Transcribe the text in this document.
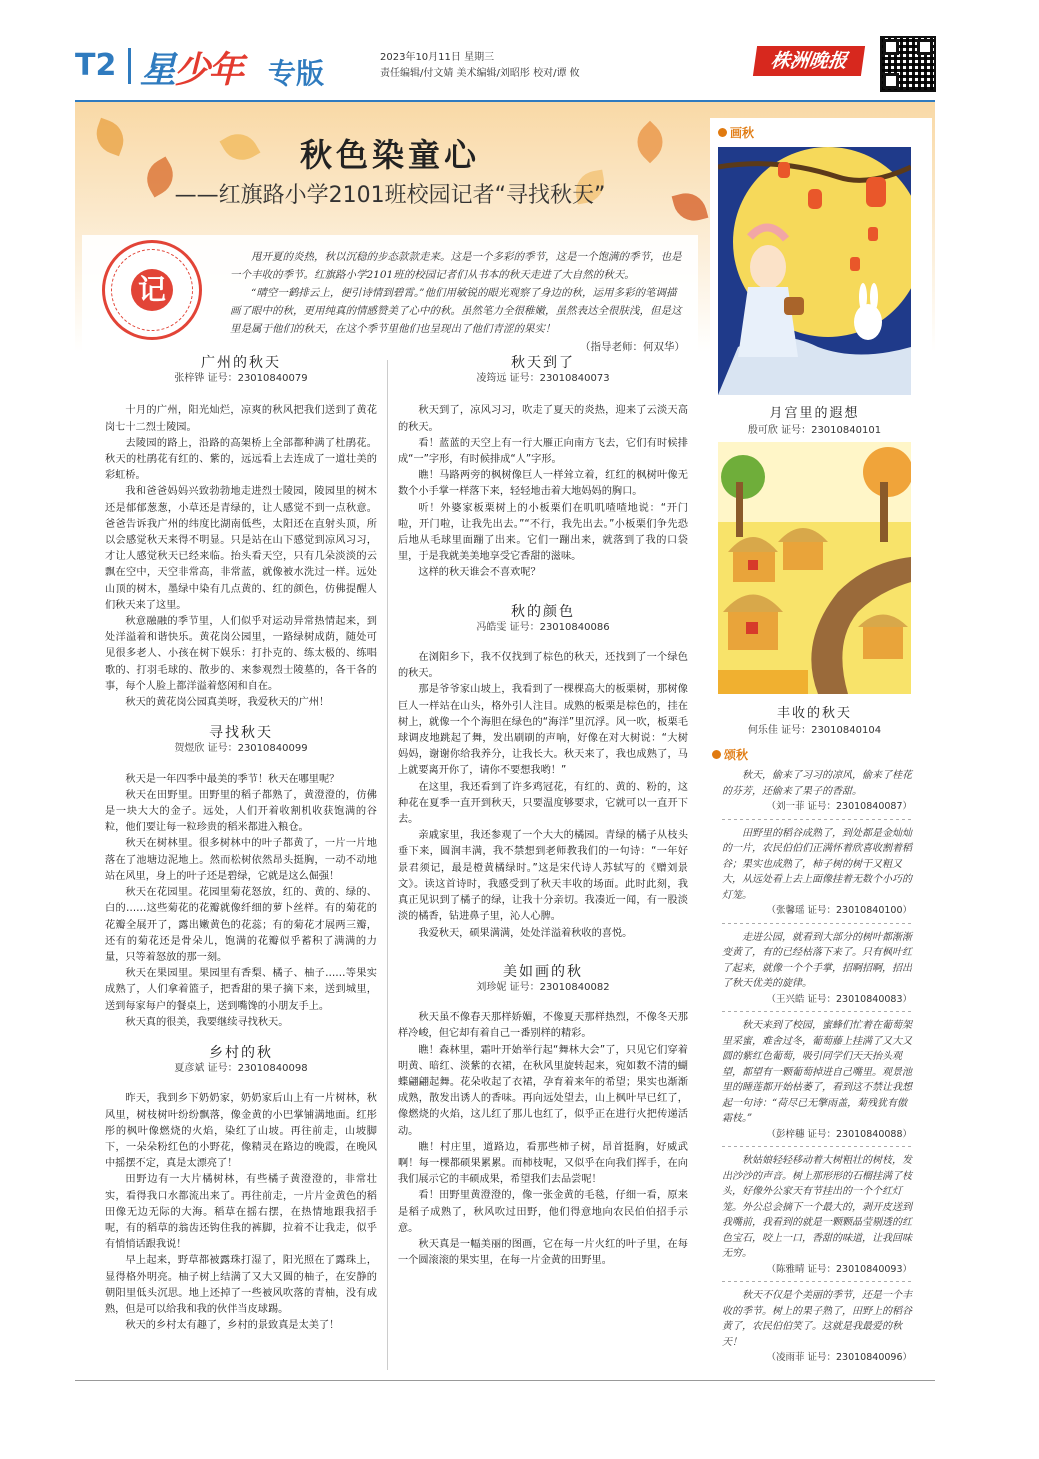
T2 星少年 专版	2023年10月11日 星期三
责任编辑/付文婧 美术编辑/刘昭彤 校对/谭 攸
株洲晚报
秋色染童心
——红旗路小学2101班校园记者“寻找秋天”
记

甩开夏的炎热，秋以沉稳的步态款款走来。这是一个多彩的季节，这是一个饱满的季节，也是一个丰收的季节。红旗路小学2101班的校园记者们从书本的秋天走进了大自然的秋天。

“晴空一鹤排云上，便引诗情到碧霄。”他们用敏锐的眼光观察了身边的秋，运用多彩的笔调描画了眼中的秋，更用纯真的情感赞美了心中的秋。虽然笔力全很稚嫩，虽然表达全很肤浅，但是这里是属于他们的秋天，在这个季节里他们也呈现出了他们青涩的果实！

（指导老师：何双华）
广州的秋天
张梓铧 证号：23010840079

十月的广州，阳光灿烂，凉爽的秋风把我们送到了黄花岗七十二烈士陵园。

去陵园的路上，沿路的高架桥上全部都种满了杜鹃花。秋天的杜鹃花有红的、紫的，远远看上去连成了一道壮美的彩虹桥。

我和爸爸妈妈兴致勃勃地走进烈士陵园，陵园里的树木还是郁郁葱葱，小草还是青绿的，让人感觉不到一点秋意。爸爸告诉我广州的纬度比湖南低些，太阳还在直射头顶，所以会感觉秋天来得不明显。只是站在山下感觉到凉风习习，才让人感觉秋天已经来临。抬头看天空，只有几朵淡淡的云飘在空中，天空非常高，非常蓝，就像被水洗过一样。远处山顶的树木，墨绿中染有几点黄的、红的颜色，仿佛提醒人们秋天来了这里。

秋意融融的季节里，人们似乎对运动异常热情起来，到处洋溢着和谐快乐。黄花岗公园里，一路绿树成荫，随处可见很多老人、小孩在树下娱乐：打扑克的、练太极的、练唱歌的、打羽毛球的、散步的、来参观烈士陵墓的，各干各的事，每个人脸上都洋溢着悠闲和自在。

秋天的黄花岗公园真美呀，我爱秋天的广州！

寻找秋天
贺煜欣 证号：23010840099

秋天是一年四季中最美的季节！秋天在哪里呢？

秋天在田野里。田野里的稻子都熟了，黄澄澄的，仿佛是一块大大的金子。远处，人们开着收割机收获饱满的谷粒，他们要让每一粒珍贵的稻米都进入粮仓。

秋天在树林里。很多树林中的叶子都黄了，一片一片地落在了池塘边泥地上。然而松树依然昂头挺胸，一动不动地站在风里，身上的叶子还是碧绿，它就是这么倔强！

秋天在花园里。花园里菊花怒放，红的、黄的、绿的、白的……这些菊花的花瓣就像纤细的萝卜丝样。有的菊花的花瓣全展开了，露出嫩黄色的花蕊；有的菊花才展两三瓣，还有的菊花还是骨朵儿，饱满的花瓣似乎蓄积了满满的力量，只等着怒放的那一刻。

秋天在果园里。果园里有香梨、橘子、柚子……等果实成熟了，人们拿着篮子，把香甜的果子摘下来，送到城里，送到每家每户的餐桌上，送到嘴馋的小朋友手上。

秋天真的很美，我要继续寻找秋天。

乡村的秋
夏彦斌 证号：23010840098

昨天，我到乡下奶奶家，奶奶家后山上有一片树林，秋风里，树枝树叶纷纷飘落，像金黄的小巴掌铺满地面。红彤彤的枫叶像燃烧的火焰，染红了山坡。再往前走，山坡脚下，一朵朵粉红色的小野花，像精灵在路边的晚霞，在晚风中摇摆不定，真是太漂亮了！

田野边有一大片橘树林，有些橘子黄澄澄的，非常壮实，看得我口水都流出来了。再往前走，一片片金黄色的稻田像无边无际的大海。稻草在摇右摆，在热情地跟我招手呢，有的稻草的翁齿还钩住我的裤脚，拉着不让我走，似乎有悄悄话跟我说！

早上起来，野草都被露珠打湿了，阳光照在了露珠上，显得格外明亮。柚子树上结满了又大又圆的柚子，在安静的朝阳里低头沉思。地上还掉了一些被风吹落的青柚，没有成熟，但是可以给我和我的伙伴当皮球踢。

秋天的乡村太有趣了，乡村的景致真是太美了！

秋天到了
凌筠远 证号：23010840073

秋天到了，凉风习习，吹走了夏天的炎热，迎来了云淡天高的秋天。

看！蓝蓝的天空上有一行大雁正向南方飞去，它们有时候排成“一”字形，有时候排成“人”字形。

瞧！马路两旁的枫树像巨人一样耸立着，红红的枫树叶像无数个小手掌一样落下来，轻轻地击着大地妈妈的胸口。

听！外婆家板栗树上的小板栗们在叽叽喳喳地说：“开门啦，开门啦，让我先出去。”“不行，我先出去。”小板栗们争先恐后地从毛球里面蹦了出来。它们一蹦出来，就落到了我的口袋里，于是我就美美地享受它香甜的滋味。

这样的秋天谁会不喜欢呢？

秋的颜色
冯皓雯 证号：23010840086

在浏阳乡下，我不仅找到了棕色的秋天，还找到了一个绿色的秋天。

那是爷爷家山坡上，我看到了一棵棵高大的板栗树，那树像巨人一样站在山头，格外引人注目。成熟的板栗是棕色的，挂在树上，就像一个个海胆在绿色的“海洋”里沉浮。风一吹，板栗毛球调皮地跳起了舞，发出刷刷的声响，好像在对大树说：“大树妈妈，谢谢你给我养分，让我长大。秋天来了，我也成熟了，马上就要离开你了，请你不要想我哟！”

在这里，我还看到了许多鸡冠花，有红的、黄的、粉的，这种花在夏季一直开到秋天，只要温度够要求，它就可以一直开下去。

亲戚家里，我还参观了一个大大的橘园。青绿的橘子从枝头垂下来，圆润丰满，我不禁想到老师教我们的一句诗：“一年好景君须记，最是橙黄橘绿时。”这是宋代诗人苏轼写的《赠刘景文》。读这首诗时，我感受到了秋天丰收的场面。此时此刻，我真正见识到了橘子的绿，让我十分亲切。我凑近一闻，有一股淡淡的橘香，钻进鼻子里，沁人心脾。

我爱秋天，硕果满满，处处洋溢着秋收的喜悦。

美如画的秋
刘珍妮 证号：23010840082

秋天虽不像春天那样娇媚，不像夏天那样热烈，不像冬天那样冷峻，但它却有着自己一番别样的精彩。

瞧！森林里，霜叶开始举行起“舞林大会”了，只见它们穿着明黄、暗红、淡紫的衣裙，在秋风里旋转起来，宛如数不清的蝴蝶翩翩起舞。花朵收起了衣裙，孕育着来年的希望；果实也渐渐成熟，散发出诱人的香味。再向远处望去，山上枫叶早已红了，像燃烧的火焰，这儿红了那儿也红了，似乎正在进行火把传递活动。

瞧！村庄里，道路边，看那些柿子树，昂首挺胸，好威武啊！每一棵都硕果累累。而柿枝呢，又似乎在向我们挥手，在向我们展示它的丰硕成果，希望我们去品尝呢！

看！田野里黄澄澄的，像一张金黄的毛毯，仔细一看，原来是稻子成熟了，秋风吹过田野，他们得意地向农民伯伯招手示意。

秋天真是一幅美丽的图画，它在每一片火红的叶子里，在每一个圆滚滚的果实里，在每一片金黄的田野里。

画秋
月宫里的遐想
殷可欣 证号：23010840101
丰收的秋天
何乐佳 证号：23010840104
颂秋

秋天，偷来了习习的凉风，偷来了桂花的芬芳，还偷来了果子的香甜。

（刘一菲 证号：23010840087）

田野里的稻谷成熟了，到处都是金灿灿的一片，农民伯伯们正满怀着欣喜收割着稻谷；果实也成熟了，柿子树的树干又粗又大，从远处看上去上面像挂着无数个小巧的灯笼。

（张馨瑶 证号：23010840100）

走进公园，就看到大部分的树叶都渐渐变黄了，有的已经枯落下来了。只有枫叶红了起来，就像一个个手掌，招啊招啊，招出了秋天优美的旋律。

（王兴皓 证号：23010840083）

秋天来到了校园，蜜蜂们忙着在葡萄架里采蜜，难舍过冬，葡萄藤上挂满了又大又圆的紫红色葡萄，吸引同学们天天抬头观望，都望有一颗葡萄掉进自己嘴里。观景池里的睡莲都开始枯萎了，看到这不禁让我想起一句诗：“荷尽已无擎雨盖，菊残犹有傲霜枝。”

（彭梓穗 证号：23010840088）

秋姑娘轻轻移动着大树粗壮的树枝，发出沙沙的声音。树上那形形的石榴挂满了枝头，好像外公家天有节挂出的一个个红灯笼。外公总会摘下一个最大的，剥开皮送到我嘴前，我看到的就是一颗颗晶莹剔透的红色宝石，咬上一口，香甜的味道，让我回味无穷。

（陈雅晴 证号：23010840093）

秋天不仅是个美丽的季节，还是一个丰收的季节。树上的果子熟了，田野上的稻谷黄了，农民伯伯笑了。这就是我最爱的秋天！

（凌雨菲 证号：23010840096）
